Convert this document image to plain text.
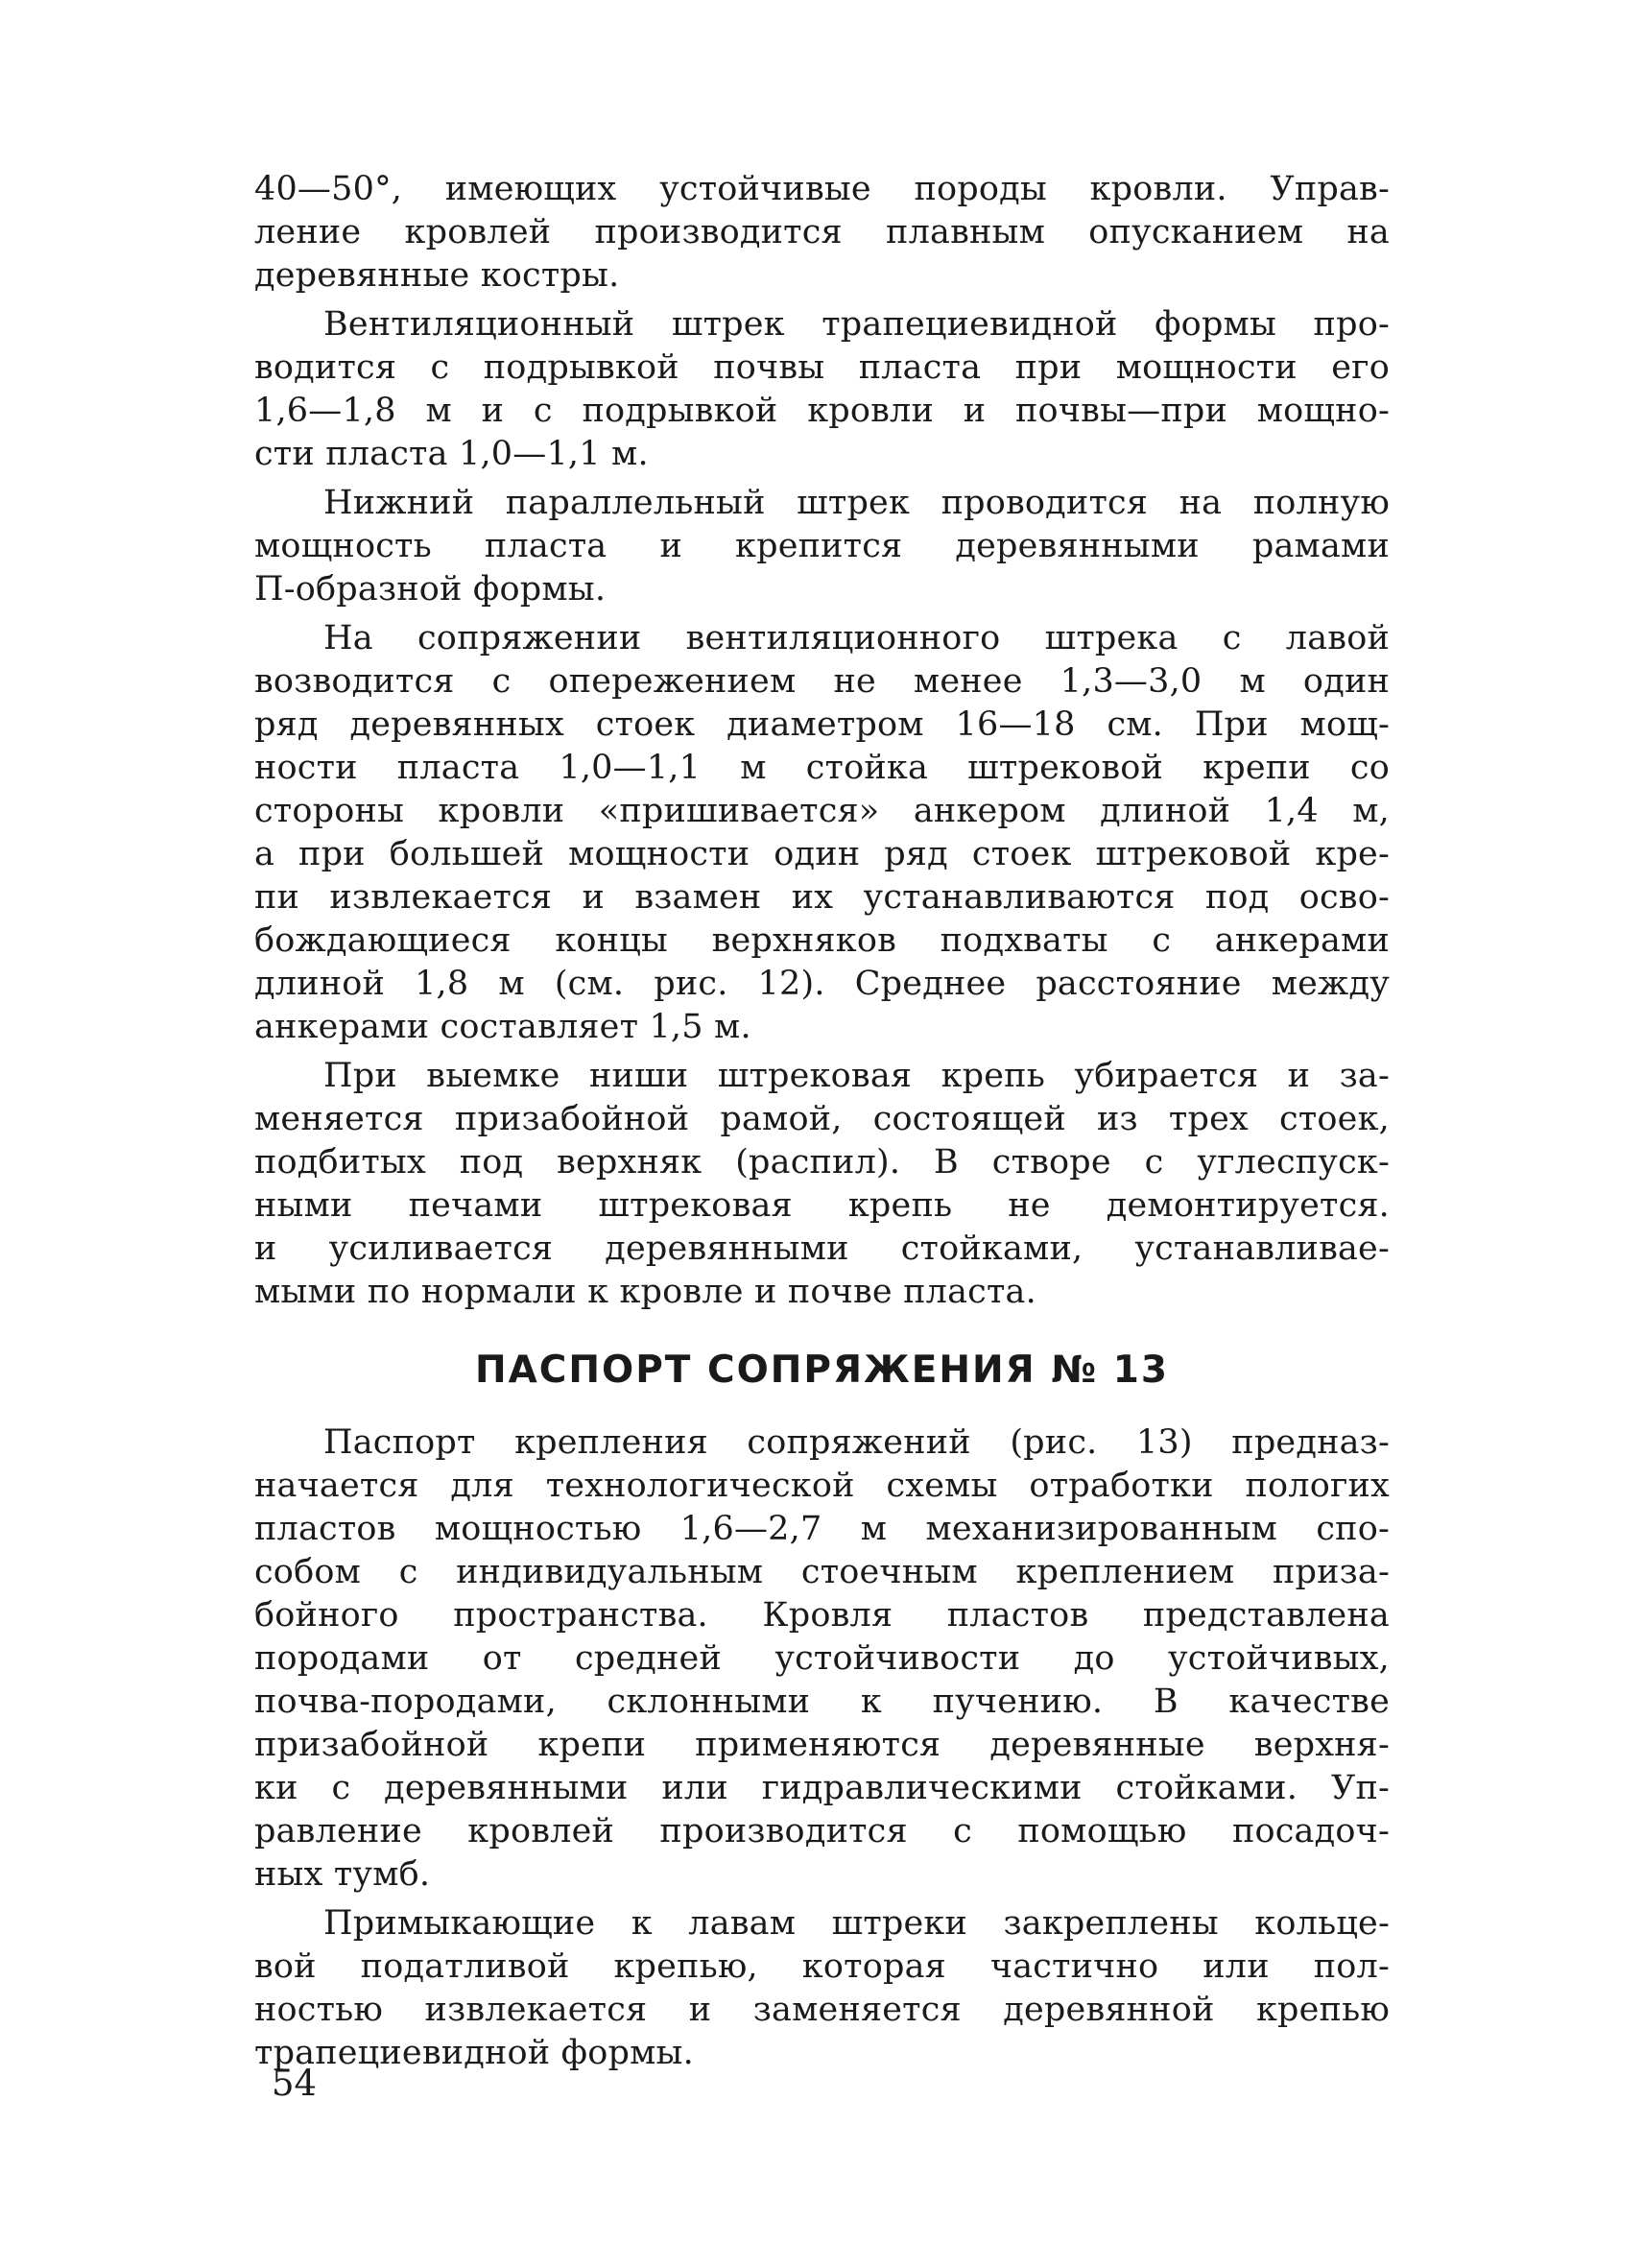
40—50°, имеющих устойчивые породы кровли. Управ-
ление кровлей производится плавным опусканием на
деревянные костры.
Вентиляционный штрек трапециевидной формы про-
водится с подрывкой почвы пласта при мощности его
1,6—1,8 м и с подрывкой кровли и почвы—при мощно-
сти пласта 1,0—1,1 м.
Нижний параллельный штрек проводится на полную
мощность пласта и крепится деревянными рамами
П-образной формы.
На сопряжении вентиляционного штрека с лавой
возводится с опережением не менее 1,3—3,0 м один
ряд деревянных стоек диаметром 16—18 см. При мощ-
ности пласта 1,0—1,1 м стойка штрековой крепи со
стороны кровли «пришивается» анкером длиной 1,4 м,
а при большей мощности один ряд стоек штрековой кре-
пи извлекается и взамен их устанавливаются под осво-
бождающиеся концы верхняков подхваты с анкерами
длиной 1,8 м (см. рис. 12). Среднее расстояние между
анкерами составляет 1,5 м.
При выемке ниши штрековая крепь убирается и за-
меняется призабойной рамой, состоящей из трех стоек,
подбитых под верхняк (распил). В створе с углеспуск-
ными печами штрековая крепь не демонтируется.
и усиливается деревянными стойками, устанавливае-
мыми по нормали к кровле и почве пласта.
ПАСПОРТ СОПРЯЖЕНИЯ № 13
Паспорт крепления сопряжений (рис. 13) предназ-
начается для технологической схемы отработки пологих
пластов мощностью 1,6—2,7 м механизированным спо-
собом с индивидуальным стоечным креплением приза-
бойного пространства. Кровля пластов представлена
породами от средней устойчивости до устойчивых,
почва-породами, склонными к пучению. В качестве
призабойной крепи применяются деревянные верхня-
ки с деревянными или гидравлическими стойками. Уп-
равление кровлей производится с помощью посадоч-
ных тумб.
Примыкающие к лавам штреки закреплены кольце-
вой податливой крепью, которая частично или пол-
ностью извлекается и заменяется деревянной крепью
трапециевидной формы.
54
